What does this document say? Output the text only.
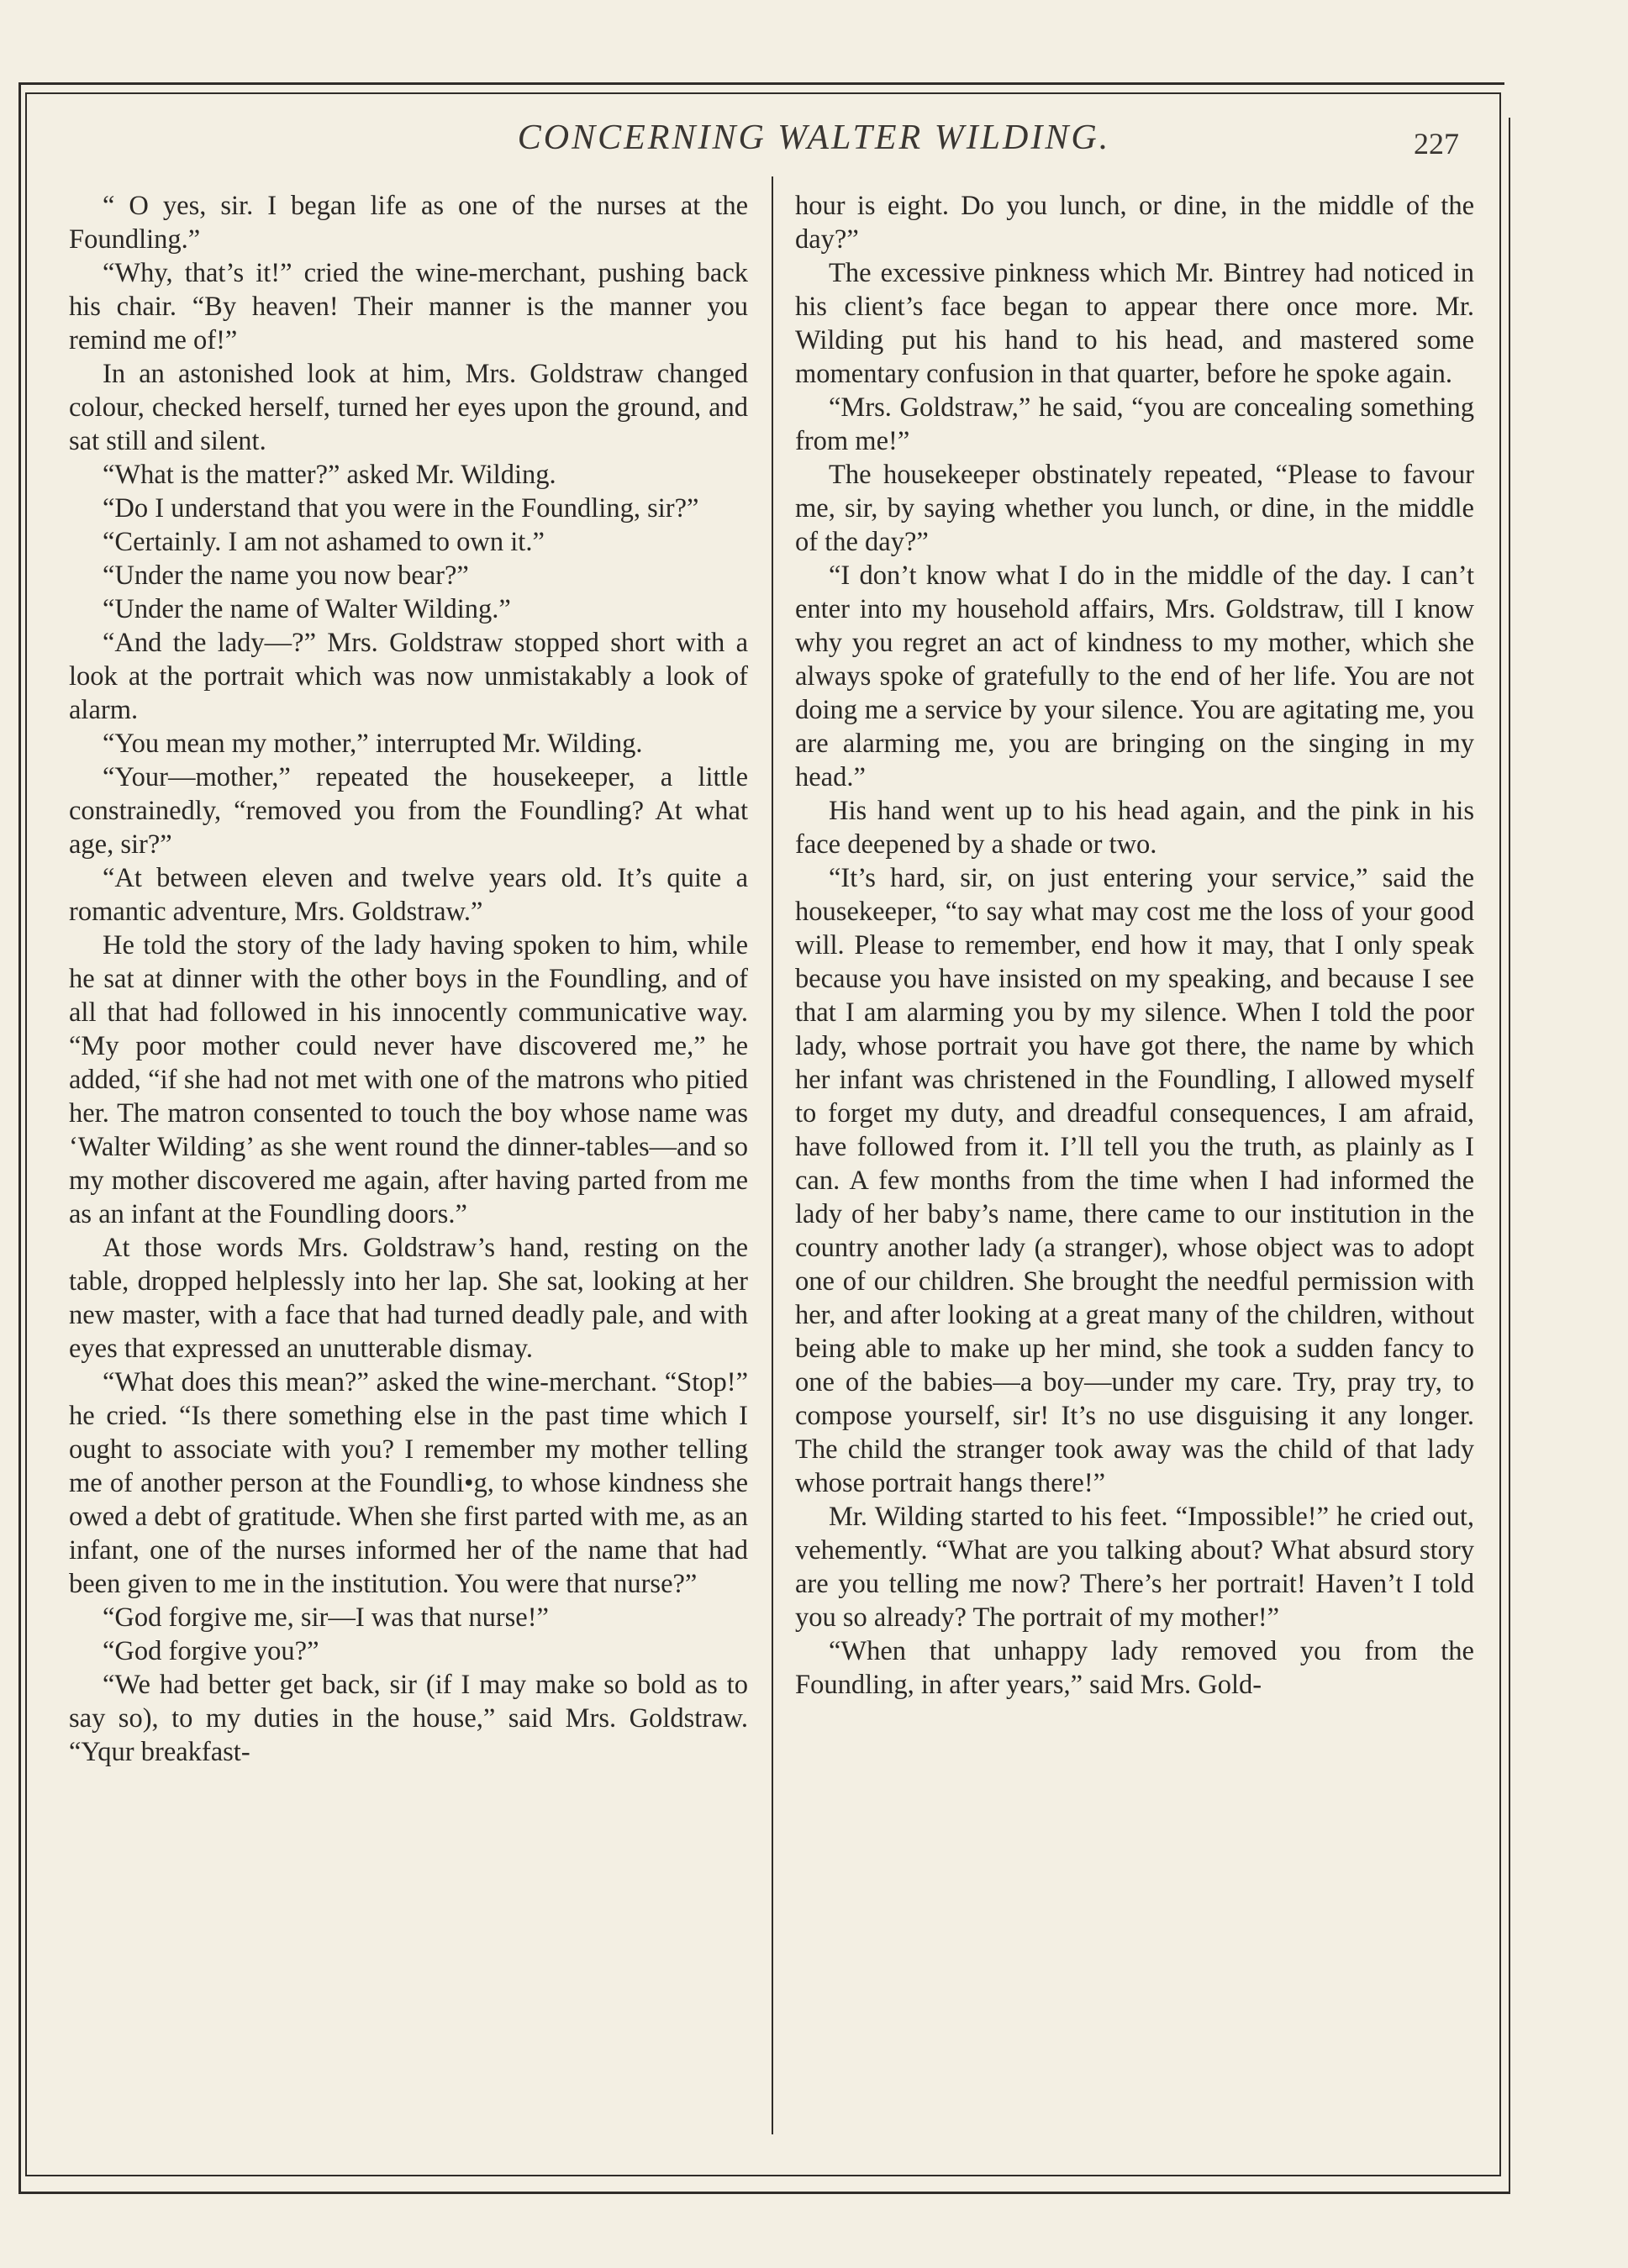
CONCERNING WALTER WILDING.	227

“ O yes, sir. I began life as one of the nurses at the Foundling.”

“Why, that’s it!” cried the wine-merchant, pushing back his chair. “By heaven! Their manner is the manner you remind me of!”

In an astonished look at him, Mrs. Goldstraw changed colour, checked herself, turned her eyes upon the ground, and sat still and silent.

“What is the matter?” asked Mr. Wilding.

“Do I understand that you were in the Foundling, sir?”

“Certainly. I am not ashamed to own it.”

“Under the name you now bear?”

“Under the name of Walter Wilding.”

“And the lady—?” Mrs. Goldstraw stopped short with a look at the portrait which was now unmistakably a look of alarm.

“You mean my mother,” interrupted Mr. Wilding.

“Your—mother,” repeated the housekeeper, a little constrainedly, “removed you from the Foundling? At what age, sir?”

“At between eleven and twelve years old. It’s quite a romantic adventure, Mrs. Goldstraw.”

He told the story of the lady having spoken to him, while he sat at dinner with the other boys in the Foundling, and of all that had followed in his innocently communicative way. “My poor mother could never have discovered me,” he added, “if she had not met with one of the matrons who pitied her. The matron consented to touch the boy whose name was ‘Walter Wilding’ as she went round the dinner-tables—and so my mother discovered me again, after having parted from me as an infant at the Foundling doors.”

At those words Mrs. Goldstraw’s hand, resting on the table, dropped helplessly into her lap. She sat, looking at her new master, with a face that had turned deadly pale, and with eyes that expressed an unutterable dismay.

“What does this mean?” asked the wine-merchant. “Stop!” he cried. “Is there something else in the past time which I ought to associate with you? I remember my mother telling me of another person at the Foundli•g, to whose kindness she owed a debt of gratitude. When she first parted with me, as an infant, one of the nurses informed her of the name that had been given to me in the institution. You were that nurse?”

“God forgive me, sir—I was that nurse!”

“God forgive you?”

“We had better get back, sir (if I may make so bold as to say so), to my duties in the house,” said Mrs. Goldstraw. “Yqur breakfast-

hour is eight. Do you lunch, or dine, in the middle of the day?”

The excessive pinkness which Mr. Bintrey had noticed in his client’s face began to appear there once more. Mr. Wilding put his hand to his head, and mastered some momentary confusion in that quarter, before he spoke again.

“Mrs. Goldstraw,” he said, “you are concealing something from me!”

The housekeeper obstinately repeated, “Please to favour me, sir, by saying whether you lunch, or dine, in the middle of the day?”

“I don’t know what I do in the middle of the day. I can’t enter into my household affairs, Mrs. Goldstraw, till I know why you regret an act of kindness to my mother, which she always spoke of gratefully to the end of her life. You are not doing me a service by your silence. You are agitating me, you are alarming me, you are bringing on the singing in my head.”

His hand went up to his head again, and the pink in his face deepened by a shade or two.

“It’s hard, sir, on just entering your service,” said the housekeeper, “to say what may cost me the loss of your good will. Please to remember, end how it may, that I only speak because you have insisted on my speaking, and because I see that I am alarming you by my silence. When I told the poor lady, whose portrait you have got there, the name by which her infant was christened in the Foundling, I allowed myself to forget my duty, and dreadful consequences, I am afraid, have followed from it. I’ll tell you the truth, as plainly as I can. A few months from the time when I had informed the lady of her baby’s name, there came to our institution in the country another lady (a stranger), whose object was to adopt one of our children. She brought the needful permission with her, and after looking at a great many of the children, without being able to make up her mind, she took a sudden fancy to one of the babies—a boy—under my care. Try, pray try, to compose yourself, sir! It’s no use disguising it any longer. The child the stranger took away was the child of that lady whose portrait hangs there!”

Mr. Wilding started to his feet. “Impossible!” he cried out, vehemently. “What are you talking about? What absurd story are you telling me now? There’s her portrait! Haven’t I told you so already? The portrait of my mother!”

“When that unhappy lady removed you from the Foundling, in after years,” said Mrs. Gold-
